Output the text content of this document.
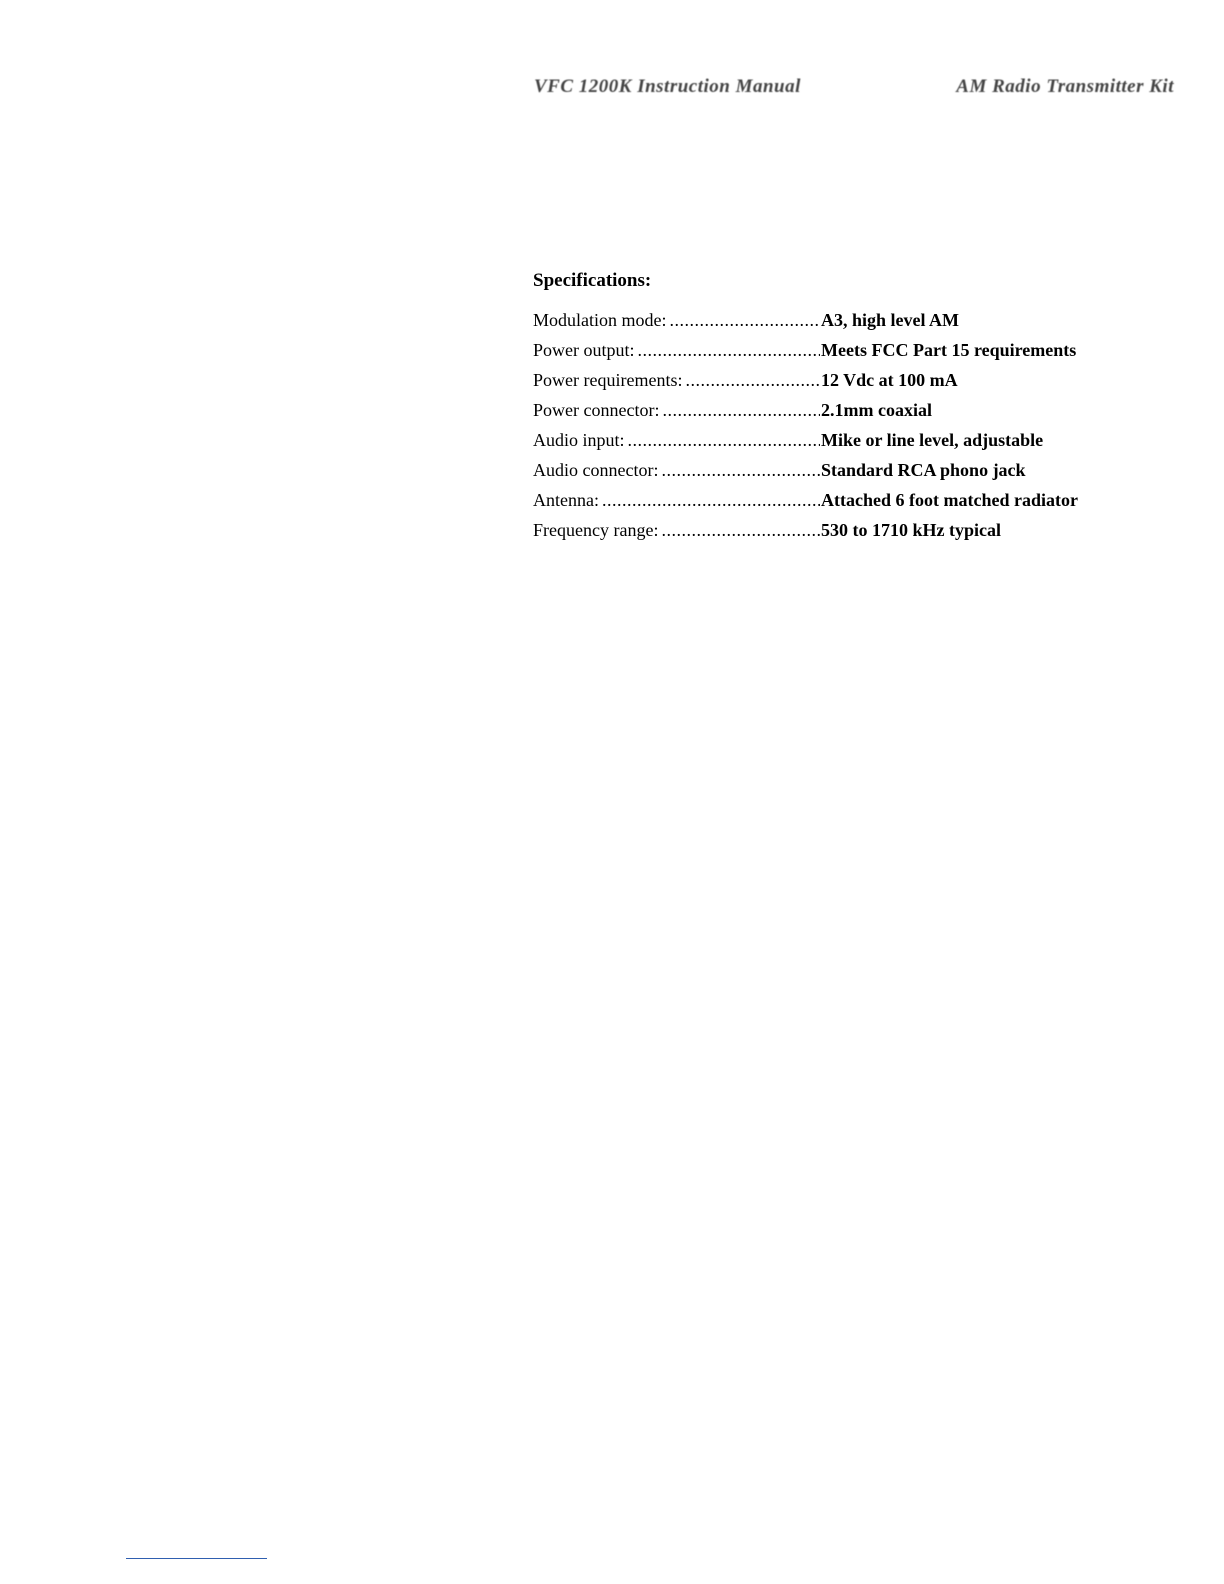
VFC 1200K Instruction Manual	AM Radio Transmitter Kit
Specifications:
Modulation mode: .....	A3, high level AM
Power output: .....	Meets FCC Part 15 requirements
Power requirements: .....	12 Vdc at 100 mA
Power connector: .....	2.1mm coaxial
Audio input: .....	Mike or line level, adjustable
Audio connector: .....	Standard RCA phono jack
Antenna: .....	Attached 6 foot matched radiator
Frequency range: .....	530 to 1710 kHz typical
